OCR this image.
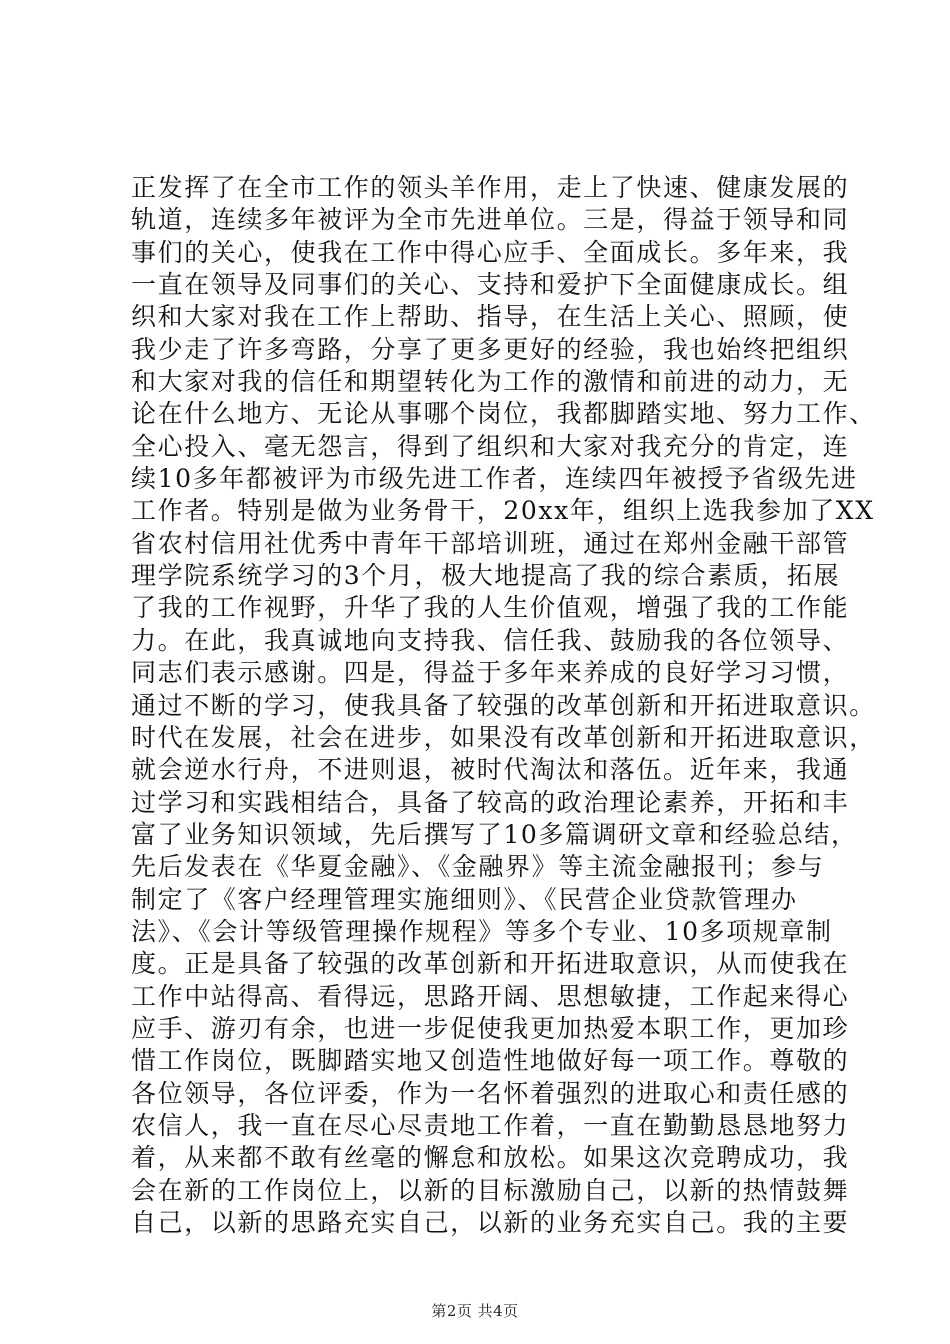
正发挥了在全市工作的领头羊作用，走上了快速、健康发展的
轨道，连续多年被评为全市先进单位。三是，得益于领导和同
事们的关心，使我在工作中得心应手、全面成长。多年来，我
一直在领导及同事们的关心、支持和爱护下全面健康成长。组
织和大家对我在工作上帮助、指导，在生活上关心、照顾，使
我少走了许多弯路，分享了更多更好的经验，我也始终把组织
和大家对我的信任和期望转化为工作的激情和前进的动力，无
论在什么地方、无论从事哪个岗位，我都脚踏实地、努力工作、
全心投入、毫无怨言，得到了组织和大家对我充分的肯定，连
续10多年都被评为市级先进工作者，连续四年被授予省级先进
工作者。特别是做为业务骨干，20xx年，组织上选我参加了XX
省农村信用社优秀中青年干部培训班，通过在郑州金融干部管
理学院系统学习的3个月，极大地提高了我的综合素质，拓展
了我的工作视野，升华了我的人生价值观，增强了我的工作能
力。在此，我真诚地向支持我、信任我、鼓励我的各位领导、
同志们表示感谢。四是，得益于多年来养成的良好学习习惯，
通过不断的学习，使我具备了较强的改革创新和开拓进取意识。
时代在发展，社会在进步，如果没有改革创新和开拓进取意识，
就会逆水行舟，不进则退，被时代淘汰和落伍。近年来，我通
过学习和实践相结合，具备了较高的政治理论素养，开拓和丰
富了业务知识领域，先后撰写了10多篇调研文章和经验总结，
先后发表在《华夏金融》、《金融界》等主流金融报刊；参与
制定了《客户经理管理实施细则》、《民营企业贷款管理办
法》、《会计等级管理操作规程》等多个专业、10多项规章制
度。正是具备了较强的改革创新和开拓进取意识，从而使我在
工作中站得高、看得远，思路开阔、思想敏捷，工作起来得心
应手、游刃有余，也进一步促使我更加热爱本职工作，更加珍
惜工作岗位，既脚踏实地又创造性地做好每一项工作。尊敬的
各位领导，各位评委，作为一名怀着强烈的进取心和责任感的
农信人，我一直在尽心尽责地工作着，一直在勤勤恳恳地努力
着，从来都不敢有丝毫的懈怠和放松。如果这次竞聘成功，我
会在新的工作岗位上，以新的目标激励自己，以新的热情鼓舞
自己，以新的思路充实自己，以新的业务充实自己。我的主要
第2页 共4页
